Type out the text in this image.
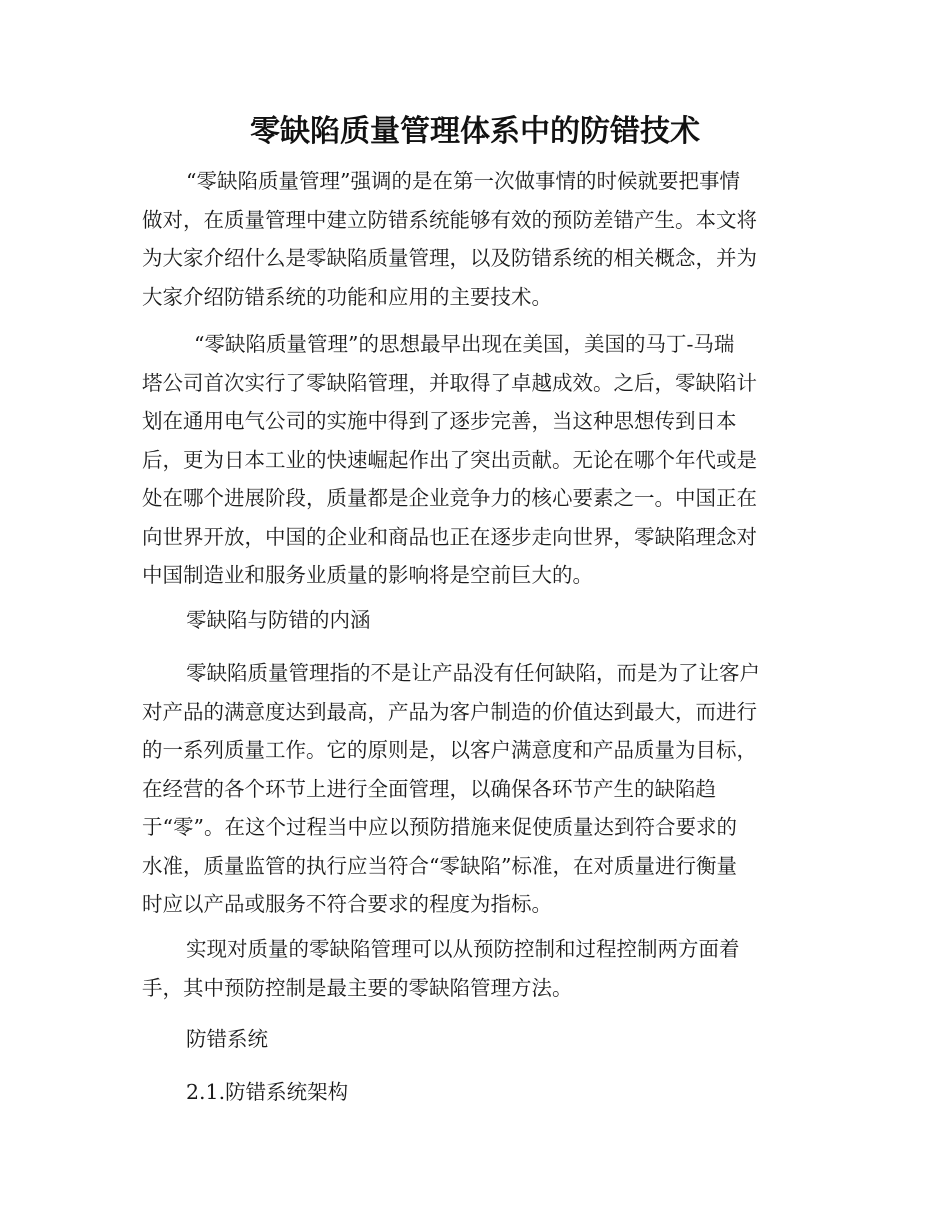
零缺陷质量管理体系中的防错技术
“零缺陷质量管理”强调的是在第一次做事情的时候就要把事情
做对，在质量管理中建立防错系统能够有效的预防差错产生。本文将
为大家介绍什么是零缺陷质量管理，以及防错系统的相关概念，并为
大家介绍防错系统的功能和应用的主要技术。
“零缺陷质量管理”的思想最早出现在美国，美国的马丁-马瑞
塔公司首次实行了零缺陷管理，并取得了卓越成效。之后，零缺陷计
划在通用电气公司的实施中得到了逐步完善，当这种思想传到日本
后，更为日本工业的快速崛起作出了突出贡献。无论在哪个年代或是
处在哪个进展阶段，质量都是企业竞争力的核心要素之一。中国正在
向世界开放，中国的企业和商品也正在逐步走向世界，零缺陷理念对
中国制造业和服务业质量的影响将是空前巨大的。
零缺陷与防错的内涵
零缺陷质量管理指的不是让产品没有任何缺陷，而是为了让客户
对产品的满意度达到最高，产品为客户制造的价值达到最大，而进行
的一系列质量工作。它的原则是，以客户满意度和产品质量为目标，
在经营的各个环节上进行全面管理，以确保各环节产生的缺陷趋
于“零”。在这个过程当中应以预防措施来促使质量达到符合要求的
水准，质量监管的执行应当符合“零缺陷”标准，在对质量进行衡量
时应以产品或服务不符合要求的程度为指标。
实现对质量的零缺陷管理可以从预防控制和过程控制两方面着
手，其中预防控制是最主要的零缺陷管理方法。
防错系统
2.1.防错系统架构
